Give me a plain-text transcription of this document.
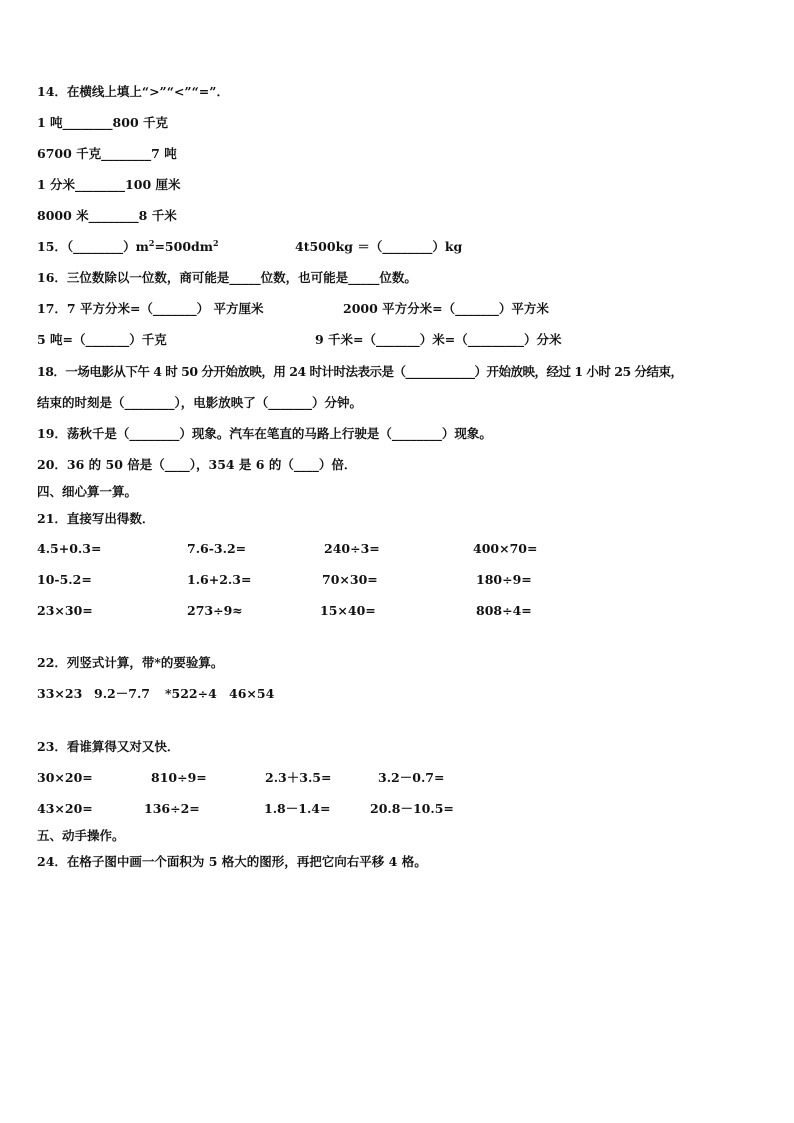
14．在横线上填上“>”“<”“=”．
1 吨________800 千克
6700 千克________7 吨
1 分米________100 厘米
8000 米________8 千米
15．$(\_\_\_\_\_\_\_\_)m^2=500dm^2$	4t500kg ＝（________）kg
16．三位数除以一位数，商可能是_____位数，也可能是_____位数。
17．7 平方分米=（_______） 平方厘米	2000 平方分米=（_______）平方米
5 吨=（_______）千克	9 千米=（_______）米=（_________）分米
18．一场电影从下午 4 时 50 分开始放映，用 24 时计时法表示是（____________）开始放映，经过 1 小时 25 分结束，
结束的时刻是（________），电影放映了（_______）分钟。
19．荡秋千是（________）现象。汽车在笔直的马路上行驶是（________）现象。
20．36 的 50 倍是（____），354 是 6 的（____）倍．
四、细心算一算。
21．直接写出得数．
4.5+0.3=	7.6-3.2=	240÷3=	400×70=
10-5.2=	1.6+2.3=	70×30=	180÷9=
23×30=	273÷9≈	15×40=	808÷4=
22．列竖式计算，带*的要验算。
33×23 9.2－7.7 *522÷4 46×54
23．看谁算得又对又快．
30×20=	810÷9=	2.3＋3.5=	3.2－0.7=
43×20=	136÷2=	1.8－1.4=	20.8－10.5=
五、动手操作。
24．在格子图中画一个面积为 5 格大的图形，再把它向右平移 4 格。
